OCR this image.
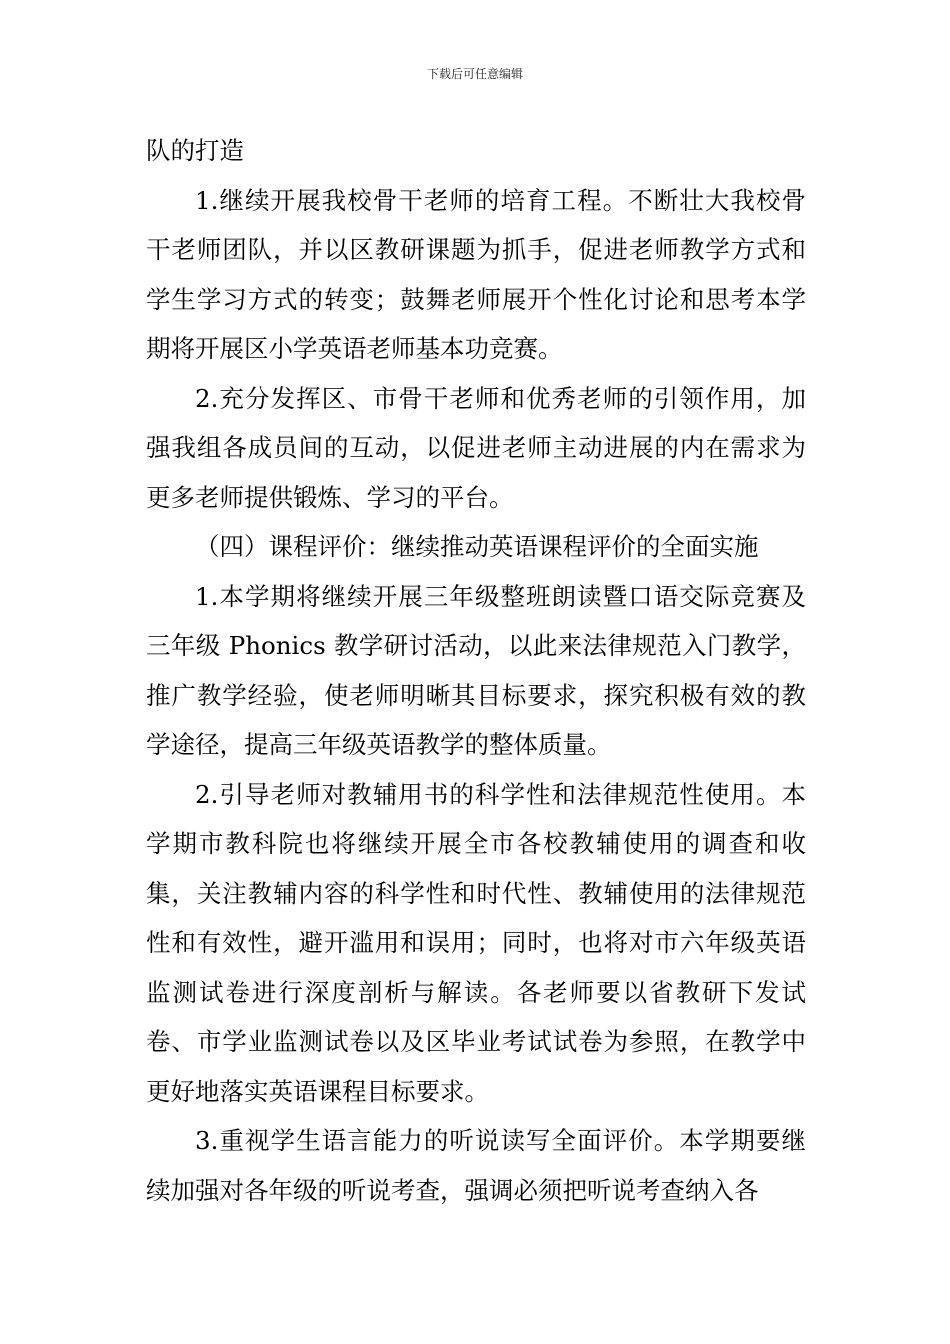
下载后可任意编辑

队的打造

1.继续开展我校骨干老师的培育工程。不断壮大我校骨干老师团队，并以区教研课题为抓手，促进老师教学方式和学生学习方式的转变；鼓舞老师展开个性化讨论和思考本学期将开展区小学英语老师基本功竞赛。

2.充分发挥区、市骨干老师和优秀老师的引领作用，加强我组各成员间的互动，以促进老师主动进展的内在需求为更多老师提供锻炼、学习的平台。

（四）课程评价：继续推动英语课程评价的全面实施

1.本学期将继续开展三年级整班朗读暨口语交际竞赛及三年级 Phonics 教学研讨活动，以此来法律规范入门教学，推广教学经验，使老师明晰其目标要求，探究积极有效的教学途径，提高三年级英语教学的整体质量。

2.引导老师对教辅用书的科学性和法律规范性使用。本学期市教科院也将继续开展全市各校教辅使用的调查和收集，关注教辅内容的科学性和时代性、教辅使用的法律规范性和有效性，避开滥用和误用；同时，也将对市六年级英语监测试卷进行深度剖析与解读。各老师要以省教研下发试卷、市学业监测试卷以及区毕业考试试卷为参照，在教学中更好地落实英语课程目标要求。

3.重视学生语言能力的听说读写全面评价。本学期要继续加强对各年级的听说考查，强调必须把听说考查纳入各
